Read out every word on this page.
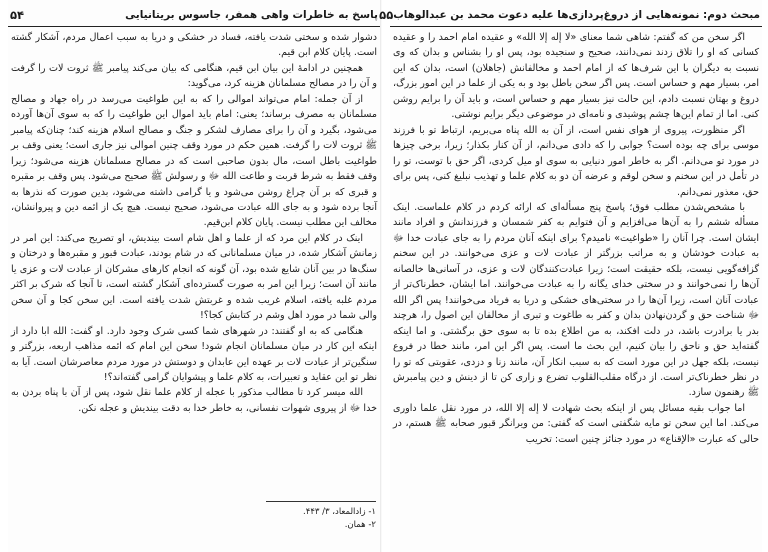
پاسخ به خاطرات واهی همفر، جاسوس بریتانیایی
۵۴

دشوار شده و سختی شدت یافته، فساد در خشکی و دریا به سبب اعمال مردم، آشکار گشته است. پایان کلام ابن قیم.

همچنین در ادامهٔ این بیان ابن قیم، هنگامی که بیان می‌کند پیامبر ﷺ ثروت لات را گرفت و آن را در مصالح مسلمانان هزینه کرد، می‌گوید:

از آن جمله: امام می‌تواند اموالی را که به این طواغیت می‌رسد در راه جهاد و مصالح مسلمانان به مصرف برساند؛ یعنی: امام باید اموال این طواغیت را که به سوی آن‌ها آورده می‌شود، بگیرد و آن را برای مصارف لشکر و جنگ و مصالح اسلام هزینه کند؛ چنان‌که پیامبر ﷺ ثروت لات را گرفت. همین حکم در مورد وقف چنین اموالی نیز جاری است؛ یعنی وقف بر طواغیت باطل است، مال بدون صاحبی است که در مصالح مسلمانان هزینه می‌شود؛ زیرا وقف فقط به شرط قربت و طاعت الله ﷻ و رسولش ﷺ صحیح می‌شود. پس وقف بر مقبره و قبری که بر آن چراغ روشن می‌شود و یا گرامی داشته می‌شود، بدین صورت که نذرها به آنجا برده شود و به جای الله عبادت می‌شود، صحیح نیست. هیچ یک از ائمه دین و پیروانشان، مخالف این مطلب نیست. پایان کلام ابن‌قیم.

اینک در کلام این مرد که از علما و اهل شام است بیندیش، او تصریح می‌کند: این امر در زمانش آشکار شده، در میان مسلمانانی که در شام بودند، عبادت قبور و مقبره‌ها و درختان و سنگ‌ها در بین آنان شایع شده بود، آن گونه که انجام کارهای مشرکان از عبادت لات و عزی یا مانند آن است؛ زیرا این امر به صورت گسترده‌ای آشکار گشته است، تا آنجا که شرک بر اکثر مردم غلبه یافته، اسلام غریب شده و غربتش شدت یافته است. این سخن کجا و آن سخن والی شما در مورد اهل وشم در کتابش کجا؟!

هنگامی که به او گفتند: در شهرهای شما کسی شرک وجود دارد. او گفت: الله ابا دارد از اینکه این کار در میان مسلمانان انجام شود! سخن این امام که ائمه مذاهب اربعه، بزرگتر و سنگین‌تر از عبادت لات بر عهده این عابدان و دوستش در مورد مردم معاصرشان است. آیا به نظر تو این عقاید و تعبیرات، به کلام علما و پیشوایان گرامی گفته‌اند؟!

الله میسر کرد تا مطالب مذکور با عجله از کلام علما نقل شود، پس از آن با پناه بردن به خدا ﷻ از پیروی شهوات نفسانی، به خاطر خدا به دقت بیندیش و عجله نکن.

۱- زادالمعاد، ۳/ ۴۴۳.
۲- همان.
مبحث دوم: نمونه‌هایی از دروغ‌پردازی‌ها علیه دعوت محمد بن عبدالوهاب
۵۵

اگر سخن من که گفتم: شاهی شما معنای «لا إله إلا الله» و عقیده امام احمد را و عقیده کسانی که او را تلاق زدند نمی‌دانند، صحیح و سنجیده بود، پس او را بشناس و بدان که وی نسبت به دیگران با این شرف‌ها که از امام احمد و مخالفانش (جاهلان) است، بدان که این امر، بسیار مهم و حساس است. پس اگر سخن باطل بود و به یکی از علما در این امور بزرگ، دروغ و بهتان نسبت دادم، این حالت نیز بسیار مهم و حساس است، و باید آن را برایم روشن کنی. اما از تمام این‌ها چشم پوشیدی و نامه‌ای در موضوعی دیگر برایم نوشتی.

اگر منظورت، پیروی از هوای نفس است، از آن به الله پناه می‌بریم، ارتباط تو با فرزند موسی برای چه بوده است؟ جوابی را که دادی می‌دانم، از آن کنار بکذار؛ زیرا، برخی چیزها در مورد تو می‌دانم. اگر به خاطر امور دنیایی به سوی او میل کردی، اگر حق با توست، تو را در تأمل در این سخنم و سخن لوقم و عرضه آن دو به کلام علما و تهذیب نبلیغ کنی، پس برای حق، معذور نمی‌دانم.

با مشخص‌شدن مطلب فوق؛ پاسخ پنج مسأله‌ای که ارائه کردم در کلام علماست. اینک مسأله ششم را به آن‌ها می‌افزایم و آن فتوایم به کفر شمسان و فرزندانش و افراد مانند ایشان است. چرا آنان را «طواغیت» نامیدم؟ برای اینکه آنان مردم را به جای عبادت خدا ﷻ به عبادت خودشان و به مراتب بزرگتر از عبادت لات و عزی می‌خوانند. در این سخنم گزافه‌گویی نیست، بلکه حقیقت است؛ زیرا عبادت‌کنندگان لات و عزی، در آسانی‌ها خالصانه آن‌ها را نمی‌خوانند و در سختی خدای یگانه را به عبادت می‌خوانند. اما ایشان، خطرناک‌تر از عبادت آنان است، زیرا آن‌ها را در سختی‌های خشکی و دریا به فریاد می‌خوانند! پس اگر الله ﷻ شناخت حق و گردن‌نهادن بدان و کفر به طاغوت و تبری از مخالفان این اصول را، هرچند بدر یا برادرت باشد، در دلت افکند، به من اطلاع بده تا به سوی حق برگشتی. و اما اینکه گفته‌اید حق و ناحق را بیان کنیم، این بحث ما است. پس اگر این امر، مانند خطا در فروع نیست، بلکه جهل در این مورد است که به سبب انکار آن، مانند زنا و دزدی، عقوبتی که تو را در نظر خطرناک‌تر است. از درگاه مقلب‌القلوب تضرع و زاری کن تا از دینش و دین پیامبرش ﷺ رهنمون سازد.

اما جواب بقیه مسائل پس از اینکه بحث شهادت لا إله إلا الله، در مورد نقل علما داوری می‌کند. اما این سخن تو مایه شگفتی است که گفتی: من ویرانگر قبور صحابه ﷺ هستم، در حالی که عبارت «الإقناع» در مورد جنائز چنین است: تخریب
